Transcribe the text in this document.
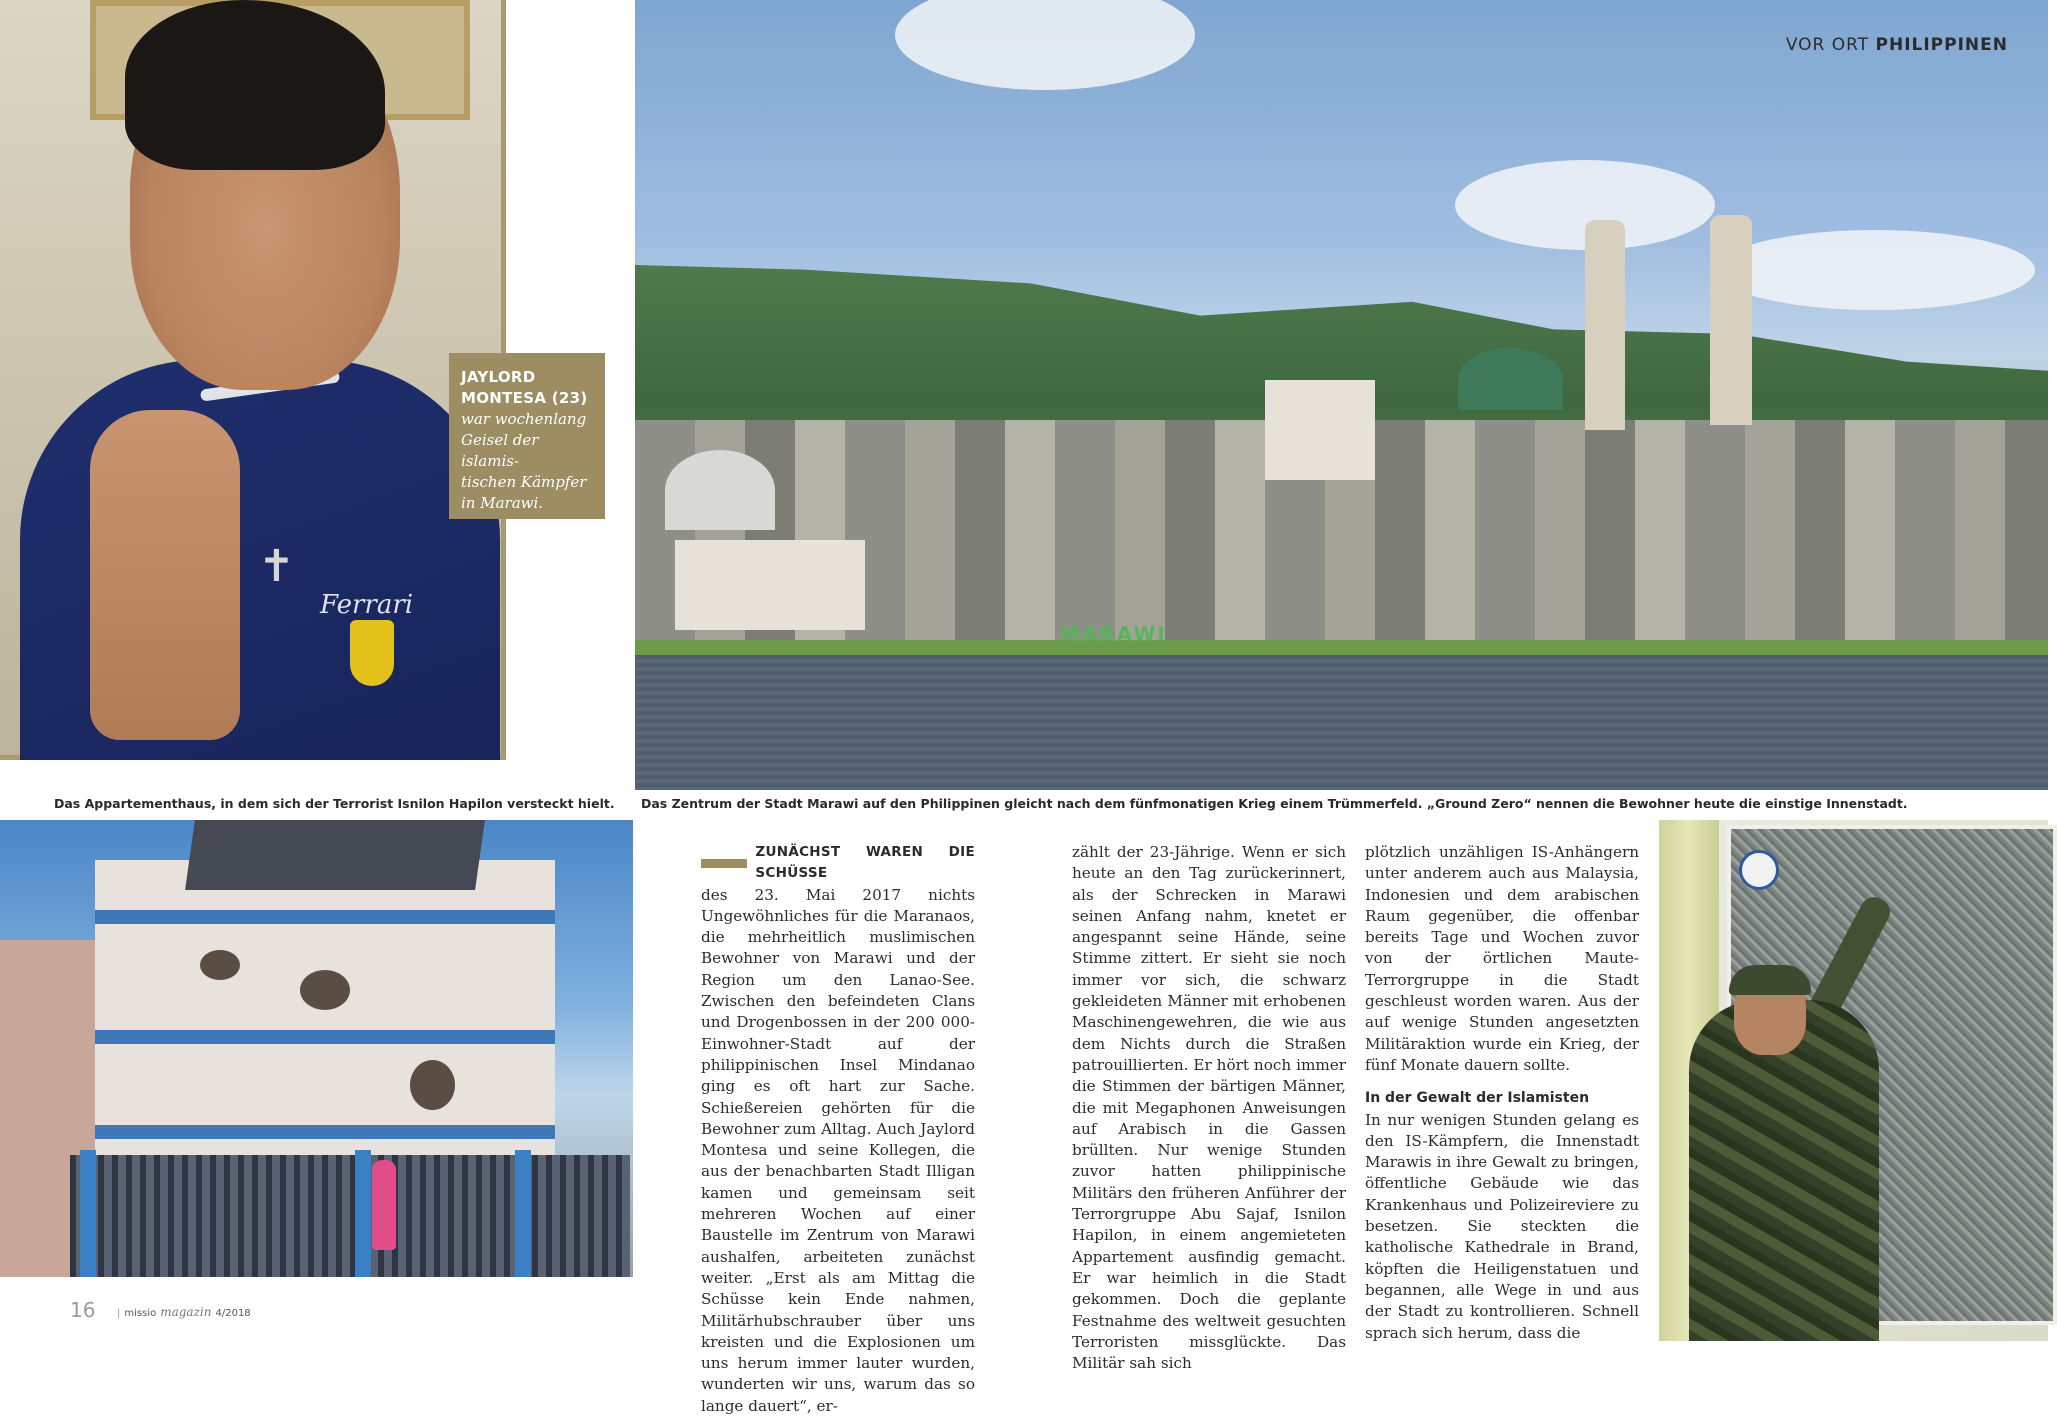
Ferrari
✝
JAYLORD
MONTESA (23)
war wochenlang
Geisel der islamis-
tischen Kämpfer
in Marawi.
MARAWI
VOR ORT PHILIPPINEN
Das Appartementhaus, in dem sich der Terrorist Isnilon Hapilon versteckt hielt. Das Zentrum der Stadt Marawi auf den Philippinen gleicht nach dem fünfmonatigen Krieg einem Trümmerfeld. „Ground Zero“ nennen die Bewohner heute die einstige Innenstadt.
ZUNÄCHST WAREN DIE SCHÜSSE

des 23. Mai 2017 nichts Ungewöhnliches für die Maranaos, die mehrheitlich muslimischen Bewohner von Marawi und der Region um den Lanao-See. Zwischen den befeindeten Clans und Drogenbossen in der 200 000-Einwohner-Stadt auf der philippinischen Insel Mindanao ging es oft hart zur Sache. Schießereien gehörten für die Bewohner zum Alltag. Auch Jaylord Montesa und seine Kollegen, die aus der benachbarten Stadt Illigan kamen und gemeinsam seit mehreren Wochen auf einer Baustelle im Zentrum von Marawi aushalfen, arbeiteten zunächst weiter. „Erst als am Mittag die Schüsse kein Ende nahmen, Militärhubschrauber über uns kreisten und die Explosionen um uns herum immer lauter wurden, wunderten wir uns, warum das so lange dauert“, er-

zählt der 23-Jährige. Wenn er sich heute an den Tag zurückerinnert, als der Schrecken in Marawi seinen Anfang nahm, knetet er angespannt seine Hände, seine Stimme zittert. Er sieht sie noch immer vor sich, die schwarz gekleideten Männer mit erhobenen Maschinengewehren, die wie aus dem Nichts durch die Straßen patrouillierten. Er hört noch immer die Stimmen der bärtigen Männer, die mit Megaphonen Anweisungen auf Arabisch in die Gassen brüllten. Nur wenige Stunden zuvor hatten philippinische Militärs den früheren Anführer der Terrorgruppe Abu Sajaf, Isnilon Hapilon, in einem angemieteten Appartement ausfindig gemacht. Er war heimlich in die Stadt gekommen. Doch die geplante Festnahme des weltweit gesuchten Terroristen missglückte. Das Militär sah sich

plötzlich unzähligen IS-Anhängern unter anderem auch aus Malaysia, Indonesien und dem arabischen Raum gegenüber, die offenbar bereits Tage und Wochen zuvor von der örtlichen Maute-Terrorgruppe in die Stadt geschleust worden waren. Aus der auf wenige Stunden angesetzten Militäraktion wurde ein Krieg, der fünf Monate dauern sollte.

In der Gewalt der Islamisten

In nur wenigen Stunden gelang es den IS-Kämpfern, die Innenstadt Marawis in ihre Gewalt zu bringen, öffentliche Gebäude wie das Krankenhaus und Polizeireviere zu besetzen. Sie steckten die katholische Kathedrale in Brand, köpften die Heiligenstatuen und begannen, alle Wege in und aus der Stadt zu kontrollieren. Schnell sprach sich herum, dass die

16 | missio magazin 4/2018
